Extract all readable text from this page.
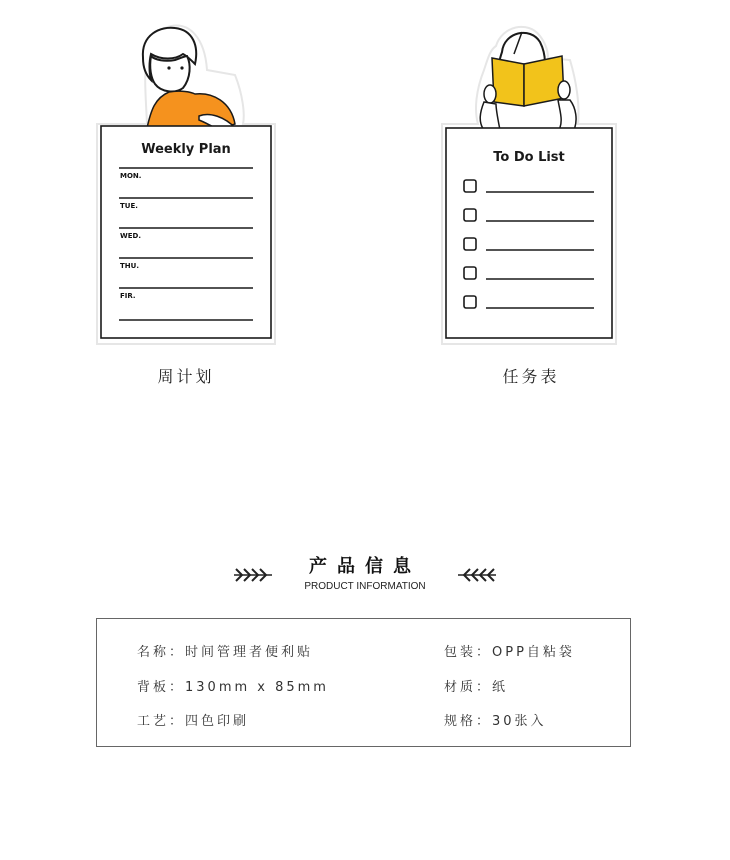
Weekly Plan
MON.
TUE.
WED.
THU.
FIR.
周计划
To Do List
任务表
产品信息
PRODUCT INFORMATION
名称：时间管理者便利贴	包装：OPP自粘袋
背板：130mm x 85mm	材质：纸
工艺：四色印刷	规格：30张入
